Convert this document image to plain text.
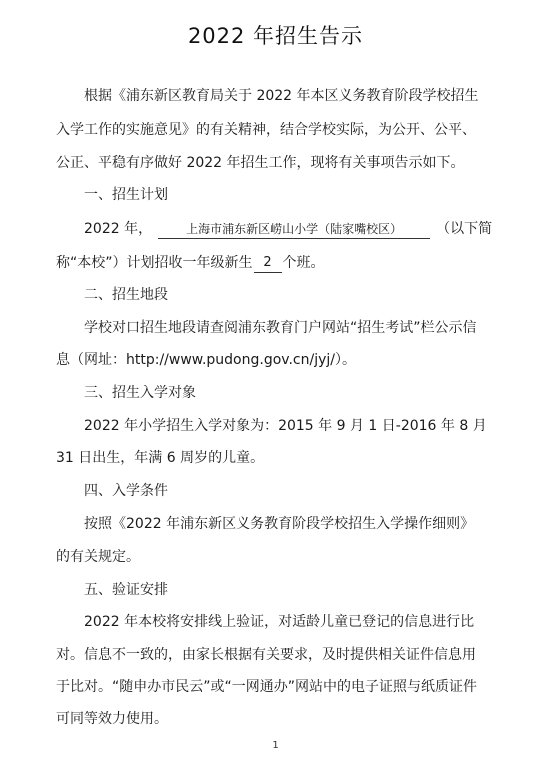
2022 年招生告示
根据《浦东新区教育局关于 2022 年本区义务教育阶段学校招生
入学工作的实施意见》的有关精神，结合学校实际，为公开、公平、
公正、平稳有序做好 2022 年招生工作，现将有关事项告示如下。
一、招生计划
2022 年，	上海市浦东新区崂山小学（陆家嘴校区） （以下简
称“本校”）计划招收一年级新生 2 个班。
二、招生地段
学校对口招生地段请查阅浦东教育门户网站“招生考试”栏公示信
息（网址：http://www.pudong.gov.cn/jyj/）。
三、招生入学对象
2022 年小学招生入学对象为：2015 年 9 月 1 日-2016 年 8 月
31 日出生，年满 6 周岁的儿童。
四、入学条件
按照《2022 年浦东新区义务教育阶段学校招生入学操作细则》
的有关规定。
五、验证安排
2022 年本校将安排线上验证，对适龄儿童已登记的信息进行比
对。信息不一致的，由家长根据有关要求，及时提供相关证件信息用
于比对。“随申办市民云”或“一网通办”网站中的电子证照与纸质证件
可同等效力使用。
1
